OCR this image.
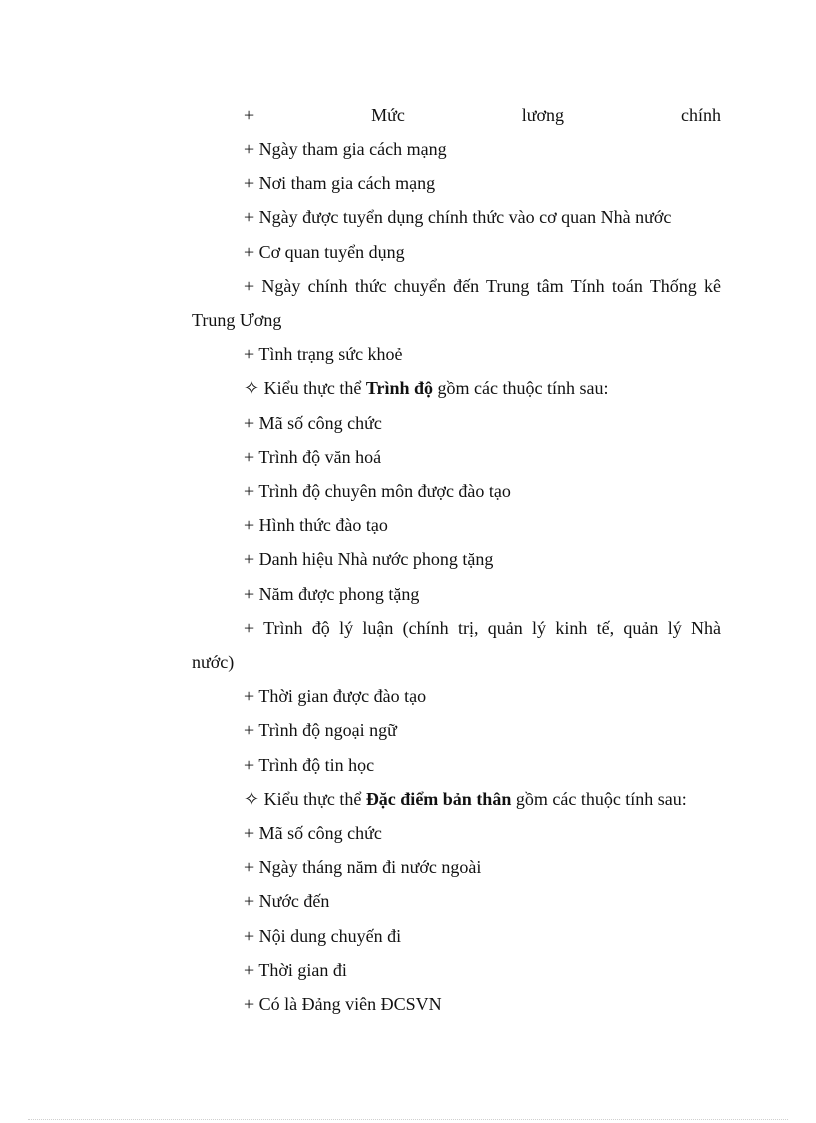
+	Mức	lương	chính
+ Ngày tham gia cách mạng
+ Nơi tham gia cách mạng
+ Ngày được tuyển dụng chính thức vào cơ quan Nhà nước
+ Cơ quan tuyển dụng
+ Ngày chính thức chuyển đến Trung tâm Tính toán Thống kê
Trung Ương
+ Tình trạng sức khoẻ
✧ Kiểu thực thể Trình độ gồm các thuộc tính sau:
+ Mã số công chức
+ Trình độ văn hoá
+ Trình độ chuyên môn được đào tạo
+ Hình thức đào tạo
+ Danh hiệu Nhà nước phong tặng
+ Năm được phong tặng
+ Trình độ lý luận (chính trị, quản lý kinh tế, quản lý Nhà
nước)
+ Thời gian được đào tạo
+ Trình độ ngoại ngữ
+ Trình độ tin học
✧ Kiểu thực thể Đặc điểm bản thân gồm các thuộc tính sau:
+ Mã số công chức
+ Ngày tháng năm đi nước ngoài
+ Nước đến
+ Nội dung chuyến đi
+ Thời gian đi
+ Có là Đảng viên ĐCSVN
